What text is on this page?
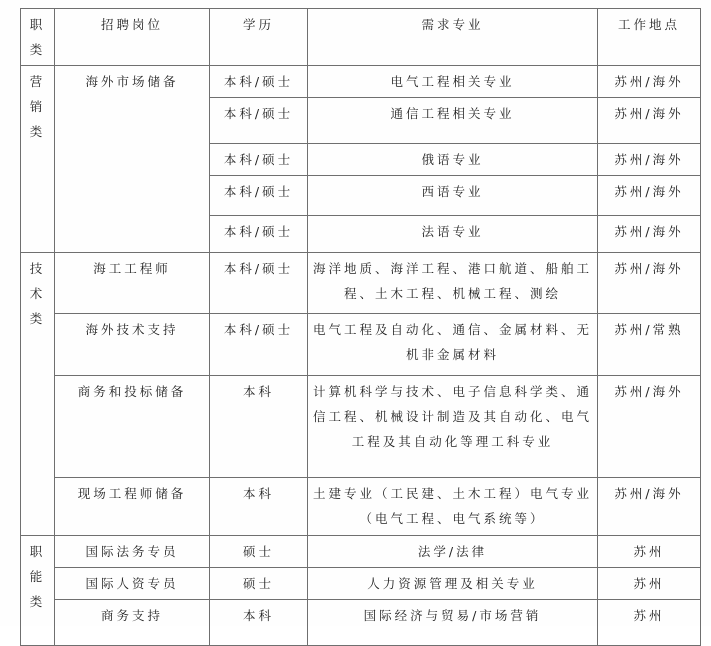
职类	招聘岗位	学历	需求专业	工作地点

营
销
类	海外市场储备	本科/硕士	电气工程相关专业	苏州/海外
		本科/硕士	通信工程相关专业	苏州/海外
		本科/硕士	俄语专业	苏州/海外
		本科/硕士	西语专业	苏州/海外
		本科/硕士	法语专业	苏州/海外

技
术
类	海工工程师	本科/硕士	海洋地质、海洋工程、港口航道、船舶工程、土木工程、机械工程、测绘	苏州/海外
	海外技术支持	本科/硕士	电气工程及自动化、通信、金属材料、无机非金属材料	苏州/常熟
	商务和投标储备	本科	计算机科学与技术、电子信息科学类、通信工程、机械设计制造及其自动化、电气工程及其自动化等理工科专业	苏州/海外
	现场工程师储备	本科	土建专业（工民建、土木工程）电气专业（电气工程、电气系统等）	苏州/海外

职
能
类	国际法务专员	硕士	法学/法律	苏州
	国际人资专员	硕士	人力资源管理及相关专业	苏州
	商务支持	本科	国际经济与贸易/市场营销	苏州
